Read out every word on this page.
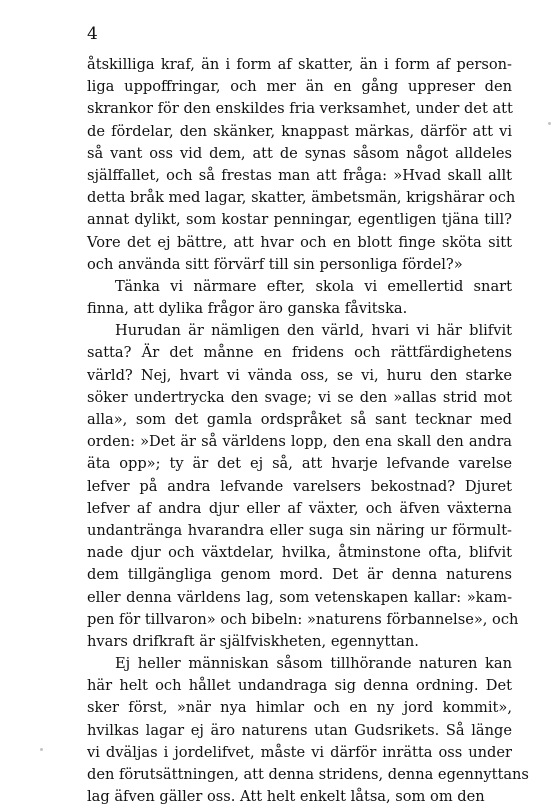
4
åtskilliga kraf, än i form af skatter, än i form af person-
liga uppoffringar, och mer än en gång uppreser den
skrankor för den enskildes fria verksamhet, under det att
de fördelar, den skänker, knappast märkas, därför att vi
så vant oss vid dem, att de synas såsom något alldeles
själffallet, och så frestas man att fråga: »Hvad skall allt
detta bråk med lagar, skatter, ämbetsmän, krigshärar och
annat dylikt, som kostar penningar, egentligen tjäna till?
Vore det ej bättre, att hvar och en blott finge sköta sitt
och använda sitt förvärf till sin personliga fördel?»
Tänka vi närmare efter, skola vi emellertid snart
finna, att dylika frågor äro ganska fåvitska.
Hurudan är nämligen den värld, hvari vi här blifvit
satta? Är det månne en fridens och rättfärdighetens
värld? Nej, hvart vi vända oss, se vi, huru den starke
söker undertrycka den svage; vi se den »allas strid mot
alla», som det gamla ordspråket så sant tecknar med
orden: »Det är så världens lopp, den ena skall den andra
äta opp»; ty är det ej så, att hvarje lefvande varelse
lefver på andra lefvande varelsers bekostnad? Djuret
lefver af andra djur eller af växter, och äfven växterna
undantränga hvarandra eller suga sin näring ur förmult-
nade djur och växtdelar, hvilka, åtminstone ofta, blifvit
dem tillgängliga genom mord. Det är denna naturens
eller denna världens lag, som vetenskapen kallar: »kam-
pen för tillvaron» och bibeln: »naturens förbannelse», och
hvars drifkraft är själfviskheten, egennyttan.
Ej heller människan såsom tillhörande naturen kan
här helt och hållet undandraga sig denna ordning. Det
sker först, »när nya himlar och en ny jord kommit»,
hvilkas lagar ej äro naturens utan Gudsrikets. Så länge
vi dväljas i jordelifvet, måste vi därför inrätta oss under
den förutsättningen, att denna stridens, denna egennyttans
lag äfven gäller oss. Att helt enkelt låtsa, som om den
